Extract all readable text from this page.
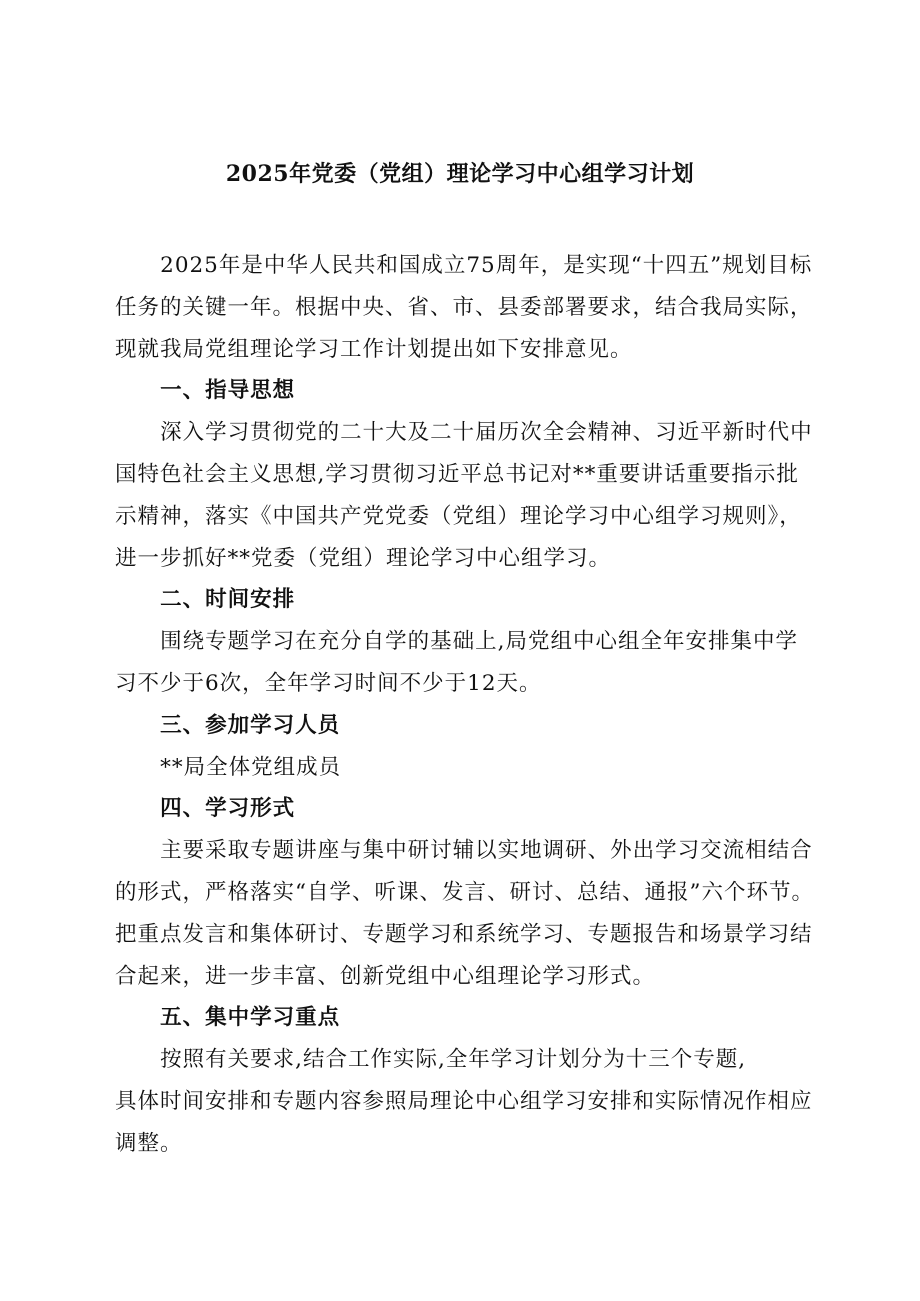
2025年党委（党组）理论学习中心组学习计划

2025年是中华人民共和国成立75周年，是实现“十四五”规划目标
任务的关键一年。根据中央、省、市、县委部署要求，结合我局实际，
现就我局党组理论学习工作计划提出如下安排意见。

一、指导思想

深入学习贯彻党的二十大及二十届历次全会精神、习近平新时代中
国特色社会主义思想,学习贯彻习近平总书记对**重要讲话重要指示批
示精神，落实《中国共产党党委（党组）理论学习中心组学习规则》，
进一步抓好**党委（党组）理论学习中心组学习。

二、时间安排

围绕专题学习在充分自学的基础上,局党组中心组全年安排集中学
习不少于6次，全年学习时间不少于12天。

三、参加学习人员

**局全体党组成员

四、学习形式

主要采取专题讲座与集中研讨辅以实地调研、外出学习交流相结合
的形式，严格落实“自学、听课、发言、研讨、总结、通报”六个环节。
把重点发言和集体研讨、专题学习和系统学习、专题报告和场景学习结
合起来，进一步丰富、创新党组中心组理论学习形式。

五、集中学习重点

按照有关要求,结合工作实际,全年学习计划分为十三个专题,
具体时间安排和专题内容参照局理论中心组学习安排和实际情况作相应
调整。
